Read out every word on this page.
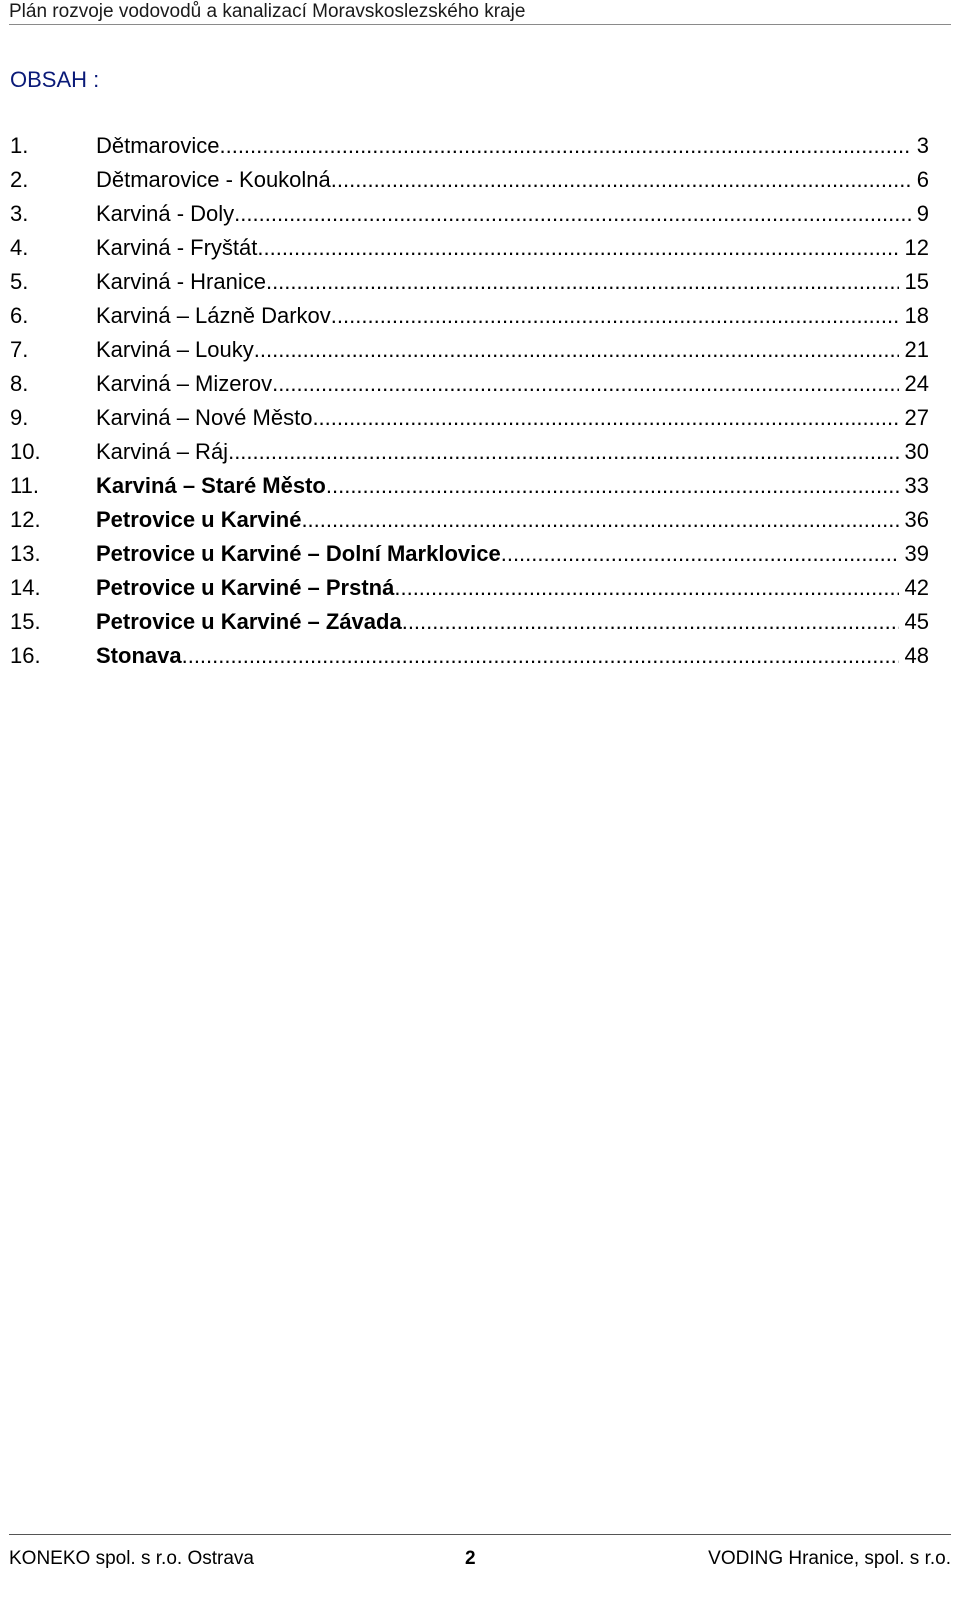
Plán rozvoje vodovodů a kanalizací Moravskoslezského kraje
OBSAH :
1.	Dětmarovice .....	3
2.	Dětmarovice - Koukolná .....	6
3.	Karviná - Doly .....	9
4.	Karviná - Fryštát .....	12
5.	Karviná - Hranice .....	15
6.	Karviná – Lázně Darkov .....	18
7.	Karviná – Louky .....	21
8.	Karviná – Mizerov .....	24
9.	Karviná – Nové Město .....	27
10.	Karviná – Ráj .....	30
11.	Karviná – Staré Město .....	33
12.	Petrovice u Karviné .....	36
13.	Petrovice u Karviné – Dolní Marklovice .....	39
14.	Petrovice u Karviné – Prstná .....	42
15.	Petrovice u Karviné – Závada .....	45
16.	Stonava .....	48
KONEKO spol. s r.o. Ostrava	2	VODING Hranice, spol. s r.o.
